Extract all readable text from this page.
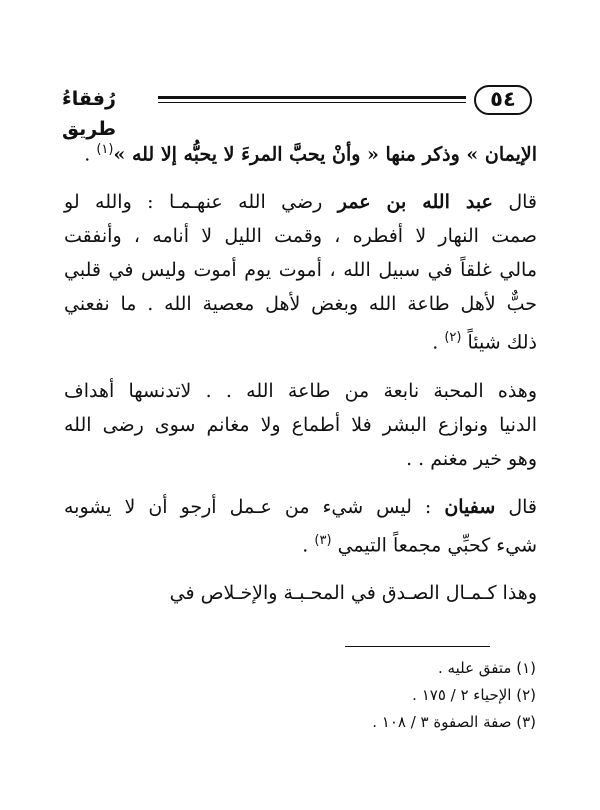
٥٤
رُفقاءُ طريق
الإيمان » وذكر منها « وأنْ يحبَّ المرءَ لا يحبُّه إلا لله »$^{(١)}$ .
قال عبد الله بن عمر رضي الله عنهـمـا : والله لو
صمت النهار لا أفطره ، وقمت الليل لا أنامه ، وأنفقت
مالي غلقاً في سبيل الله ، أموت يوم أموت وليس في قلبي
حبٌّ لأهل طاعة الله وبغض لأهل معصية الله . ما نفعني
ذلك شيئاً $^{(٢)}$ .
وهذه المحبة نابعة من طاعة الله . . لاتدنسها أهداف
الدنيا ونوازع البشر فلا أطماع ولا مغانم سوى رضى الله
وهو خير مغنم . .
قال سفيان : ليس شيء من عـمل أرجو أن لا يشوبه
شيء كحبِّي مجمعاً التيمي $^{(٣)}$ .
وهذا كـمـال الصـدق في المحـبـة والإخـلاص في
(١) متفق عليه .
(٢) الإحياء ٢ / ١٧٥ .
(٣) صفة الصفوة ٣ / ١٠٨ .
